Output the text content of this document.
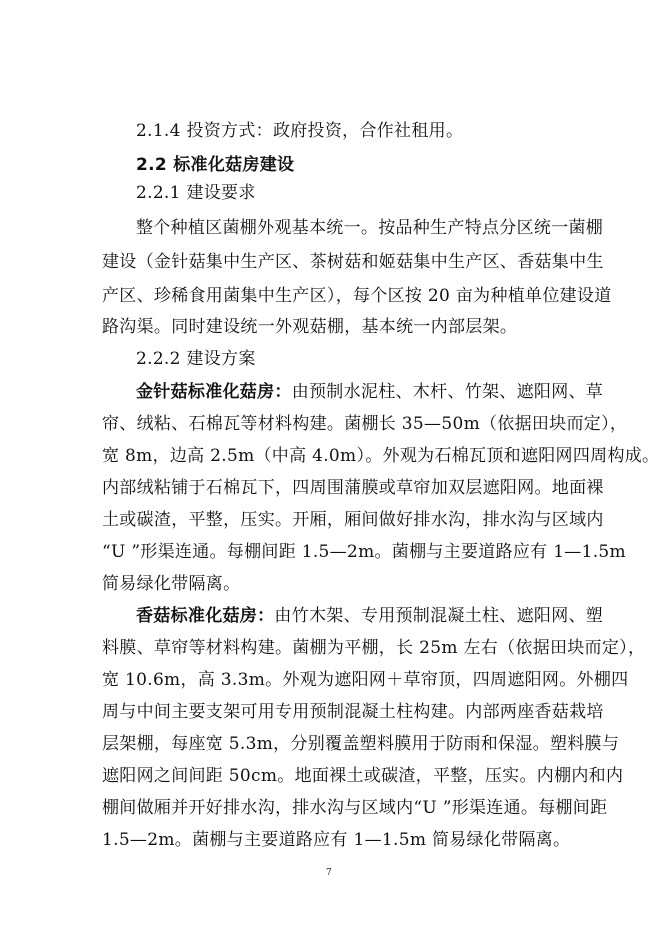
2.1.4 投资方式：政府投资，合作社租用。
2.2 标准化菇房建设
2.2.1 建设要求
整个种植区菌棚外观基本统一。按品种生产特点分区统一菌棚
建设（金针菇集中生产区、茶树菇和姬菇集中生产区、香菇集中生
产区、珍稀食用菌集中生产区），每个区按 20 亩为种植单位建设道
路沟渠。同时建设统一外观菇棚，基本统一内部层架。
2.2.2 建设方案
金针菇标准化菇房：由预制水泥柱、木杆、竹架、遮阳网、草
帘、绒粘、石棉瓦等材料构建。菌棚长 35—50m（依据田块而定），
宽 8m，边高 2.5m（中高 4.0m）。外观为石棉瓦顶和遮阳网四周构成。
内部绒粘铺于石棉瓦下，四周围蒲膜或草帘加双层遮阳网。地面裸
土或碳渣，平整，压实。开厢，厢间做好排水沟，排水沟与区域内
“U ”形渠连通。每棚间距 1.5—2m。菌棚与主要道路应有 1—1.5m
简易绿化带隔离。
香菇标准化菇房：由竹木架、专用预制混凝土柱、遮阳网、塑
料膜、草帘等材料构建。菌棚为平棚，长 25m 左右（依据田块而定），
宽 10.6m，高 3.3m。外观为遮阳网＋草帘顶，四周遮阳网。外棚四
周与中间主要支架可用专用预制混凝土柱构建。内部两座香菇栽培
层架棚，每座宽 5.3m，分别覆盖塑料膜用于防雨和保湿。塑料膜与
遮阳网之间间距 50cm。地面裸土或碳渣，平整，压实。内棚内和内
棚间做厢并开好排水沟，排水沟与区域内“U ”形渠连通。每棚间距
1.5—2m。菌棚与主要道路应有 1—1.5m 简易绿化带隔离。
7
